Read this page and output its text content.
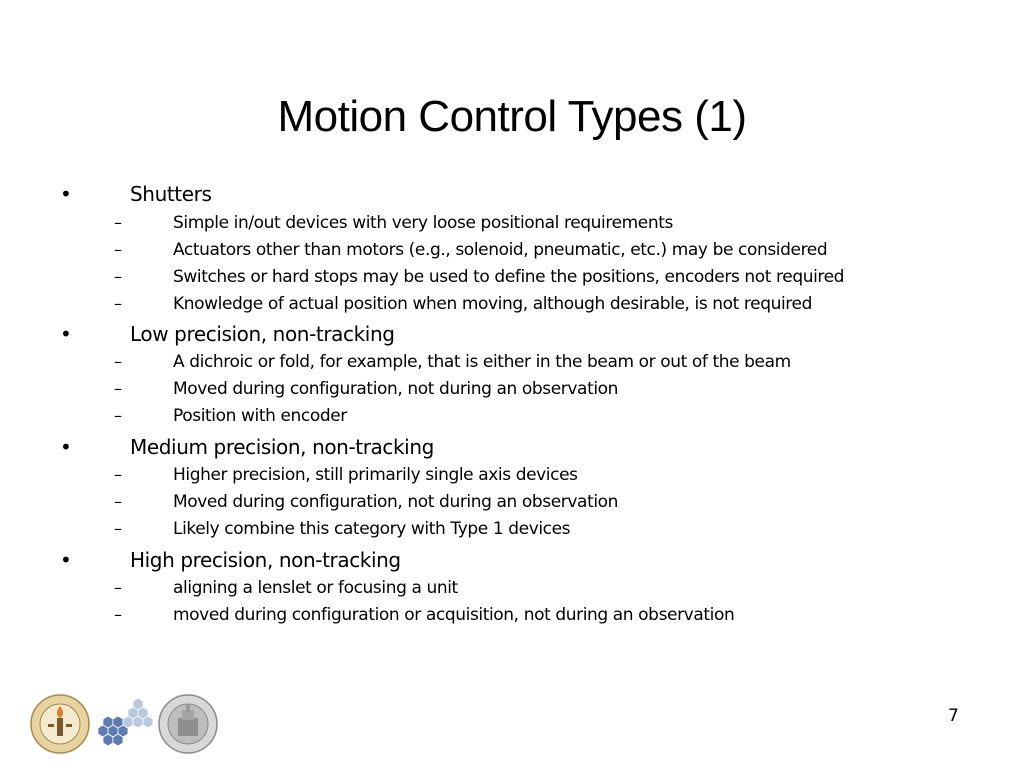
Motion Control Types (1)
•	Shutters
–	Simple in/out devices with very loose positional requirements
–	Actuators other than motors (e.g., solenoid, pneumatic, etc.) may be considered
–	Switches or hard stops may be used to define the positions, encoders not required
–	Knowledge of actual position when moving, although desirable, is not required
•	Low precision, non-tracking
–	A dichroic or fold, for example, that is either in the beam or out of the beam
–	Moved during configuration, not during an observation
–	Position with encoder
•	Medium precision, non-tracking
–	Higher precision, still primarily single axis devices
–	Moved during configuration, not during an observation
–	Likely combine this category with Type 1 devices
•	High precision, non-tracking
–	aligning a lenslet or focusing a unit
–	moved during configuration or acquisition, not during an observation
7
